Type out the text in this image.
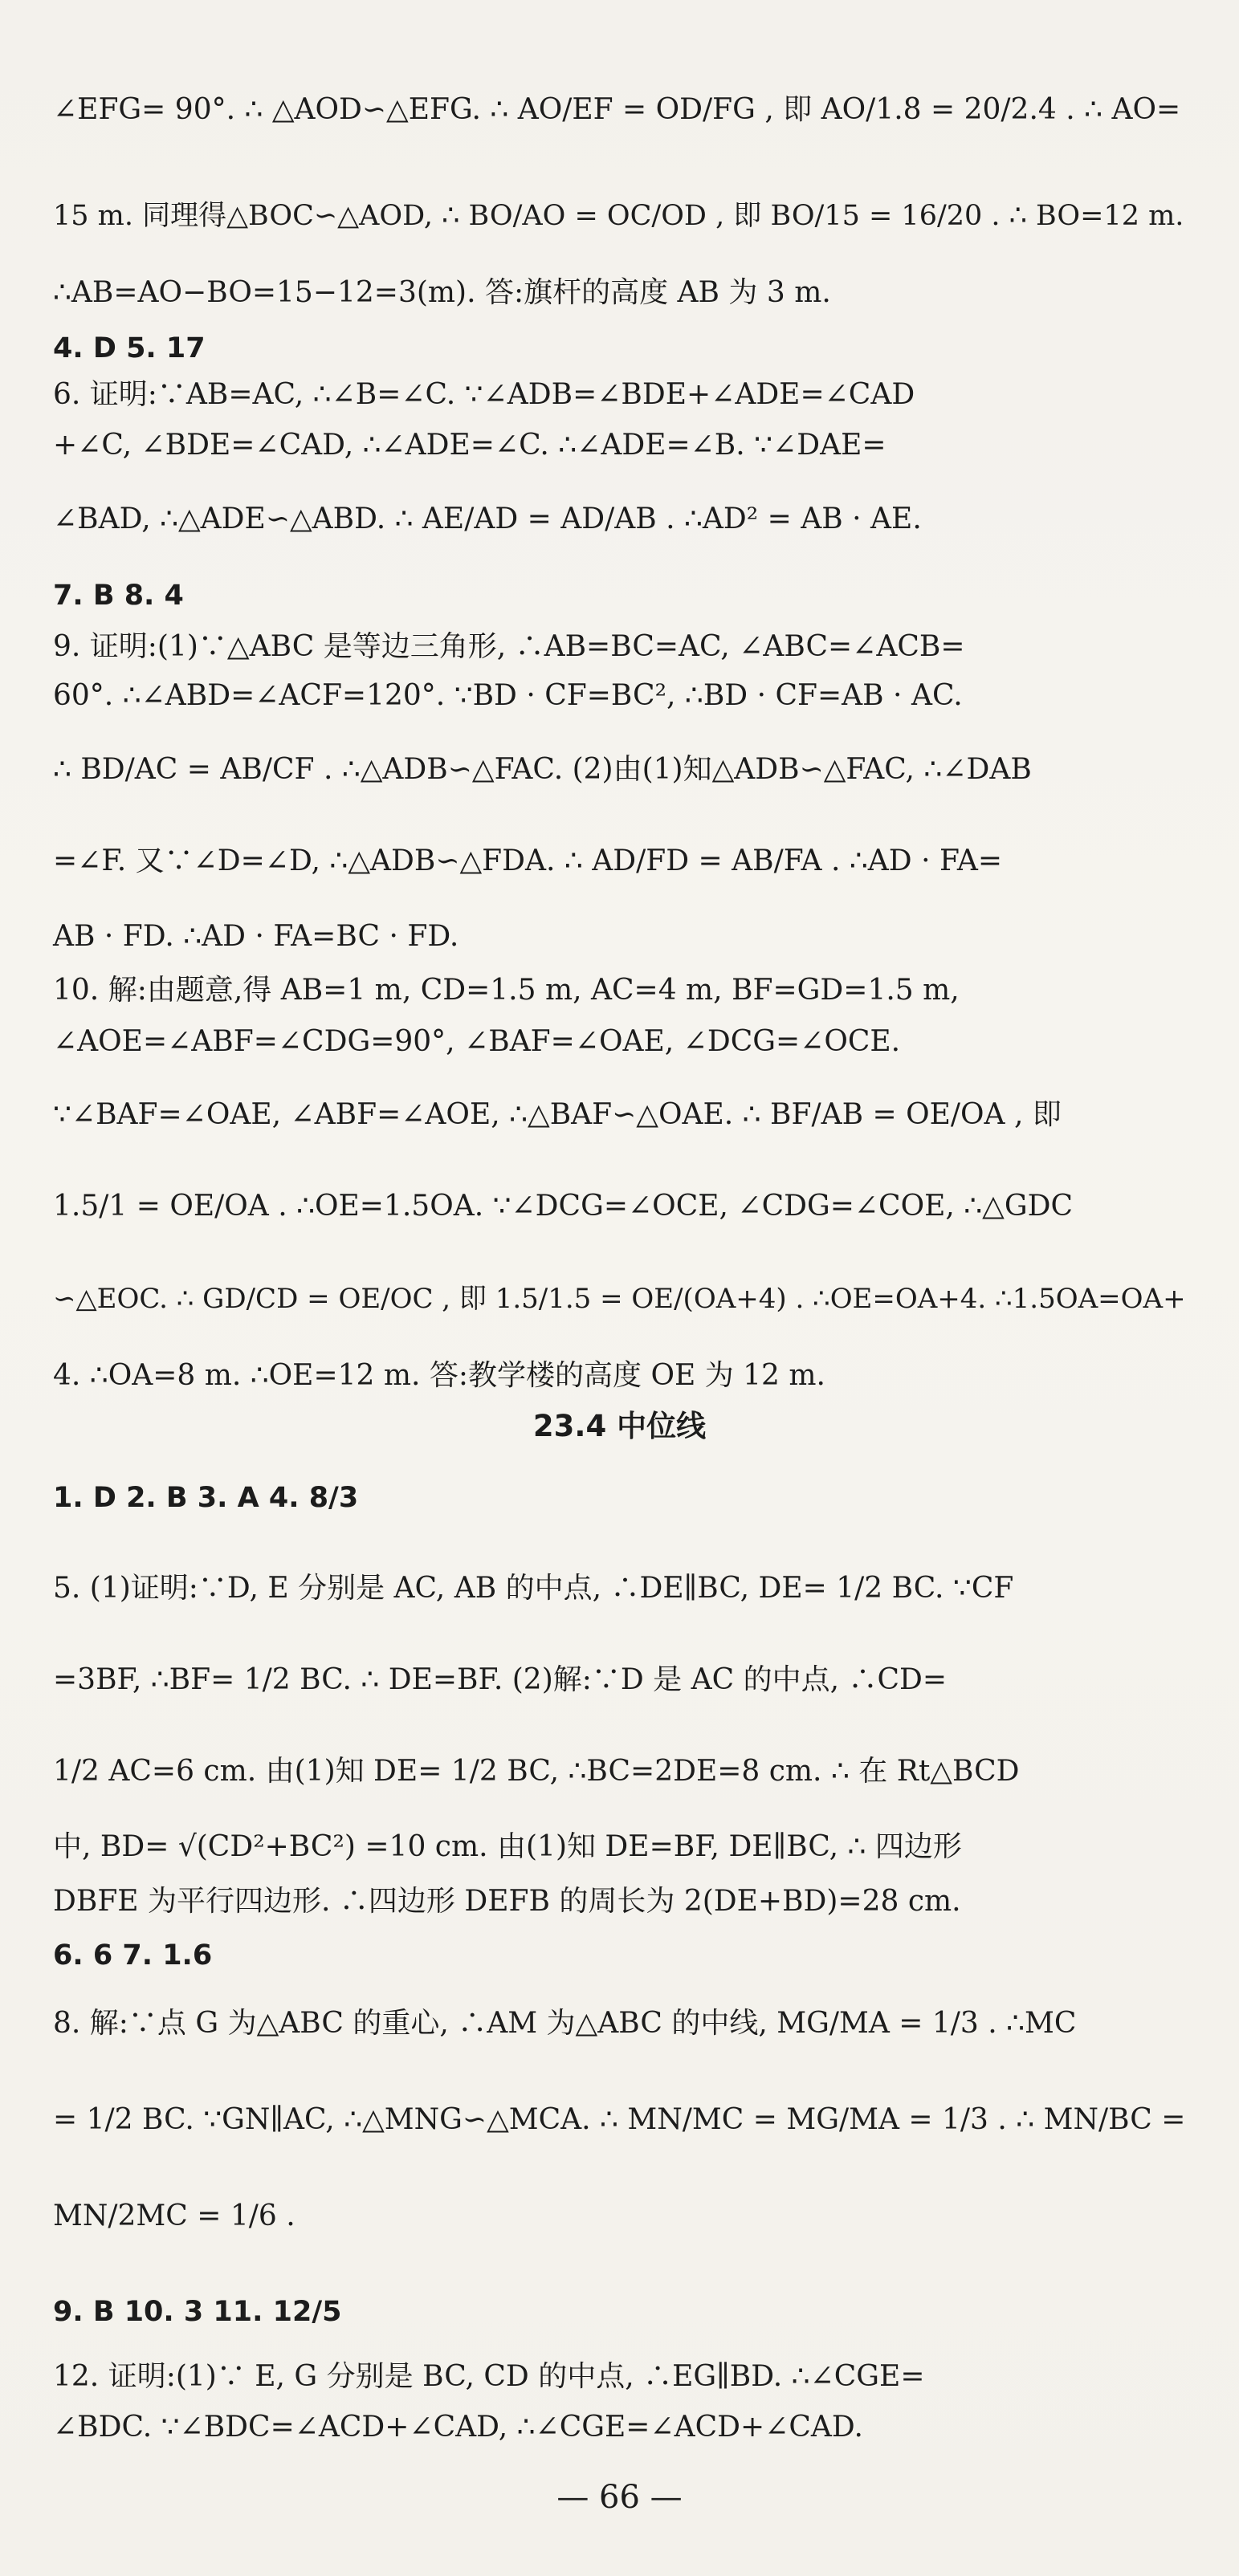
∠EFG= 90°. ∴ △AOD∽△EFG. ∴ AO/EF = OD/FG , 即 AO/1.8 = 20/2.4 . ∴ AO=
15 m. 同理得△BOC∽△AOD, ∴ BO/AO = OC/OD , 即 BO/15 = 16/20 . ∴ BO=12 m.
∴AB=AO−BO=15−12=3(m). 答:旗杆的高度 AB 为 3 m.
4. D 5. 17
6. 证明:∵AB=AC, ∴∠B=∠C. ∵∠ADB=∠BDE+∠ADE=∠CAD
+∠C, ∠BDE=∠CAD, ∴∠ADE=∠C. ∴∠ADE=∠B. ∵∠DAE=
∠BAD, ∴△ADE∽△ABD. ∴ AE/AD = AD/AB . ∴AD² = AB · AE.
7. B 8. 4
9. 证明:(1)∵△ABC 是等边三角形, ∴AB=BC=AC, ∠ABC=∠ACB=
60°. ∴∠ABD=∠ACF=120°. ∵BD · CF=BC², ∴BD · CF=AB · AC.
∴ BD/AC = AB/CF . ∴△ADB∽△FAC. (2)由(1)知△ADB∽△FAC, ∴∠DAB
=∠F. 又∵∠D=∠D, ∴△ADB∽△FDA. ∴ AD/FD = AB/FA . ∴AD · FA=
AB · FD. ∴AD · FA=BC · FD.
10. 解:由题意,得 AB=1 m, CD=1.5 m, AC=4 m, BF=GD=1.5 m,
∠AOE=∠ABF=∠CDG=90°, ∠BAF=∠OAE, ∠DCG=∠OCE.
∵∠BAF=∠OAE, ∠ABF=∠AOE, ∴△BAF∽△OAE. ∴ BF/AB = OE/OA , 即
1.5/1 = OE/OA . ∴OE=1.5OA. ∵∠DCG=∠OCE, ∠CDG=∠COE, ∴△GDC
∽△EOC. ∴ GD/CD = OE/OC , 即 1.5/1.5 = OE/(OA+4) . ∴OE=OA+4. ∴1.5OA=OA+
4. ∴OA=8 m. ∴OE=12 m. 答:教学楼的高度 OE 为 12 m.
23.4 中位线
1. D 2. B 3. A 4. 8/3
5. (1)证明:∵D, E 分别是 AC, AB 的中点, ∴DE∥BC, DE= 1/2 BC. ∵CF
=3BF, ∴BF= 1/2 BC. ∴ DE=BF. (2)解:∵D 是 AC 的中点, ∴CD=
1/2 AC=6 cm. 由(1)知 DE= 1/2 BC, ∴BC=2DE=8 cm. ∴ 在 Rt△BCD
中, BD= √(CD²+BC²) =10 cm. 由(1)知 DE=BF, DE∥BC, ∴ 四边形
DBFE 为平行四边形. ∴四边形 DEFB 的周长为 2(DE+BD)=28 cm.
6. 6 7. 1.6
8. 解:∵点 G 为△ABC 的重心, ∴AM 为△ABC 的中线, MG/MA = 1/3 . ∴MC
= 1/2 BC. ∵GN∥AC, ∴△MNG∽△MCA. ∴ MN/MC = MG/MA = 1/3 . ∴ MN/BC =
MN/2MC = 1/6 .
9. B 10. 3 11. 12/5
12. 证明:(1)∵ E, G 分别是 BC, CD 的中点, ∴EG∥BD. ∴∠CGE=
∠BDC. ∵∠BDC=∠ACD+∠CAD, ∴∠CGE=∠ACD+∠CAD.
— 66 —
